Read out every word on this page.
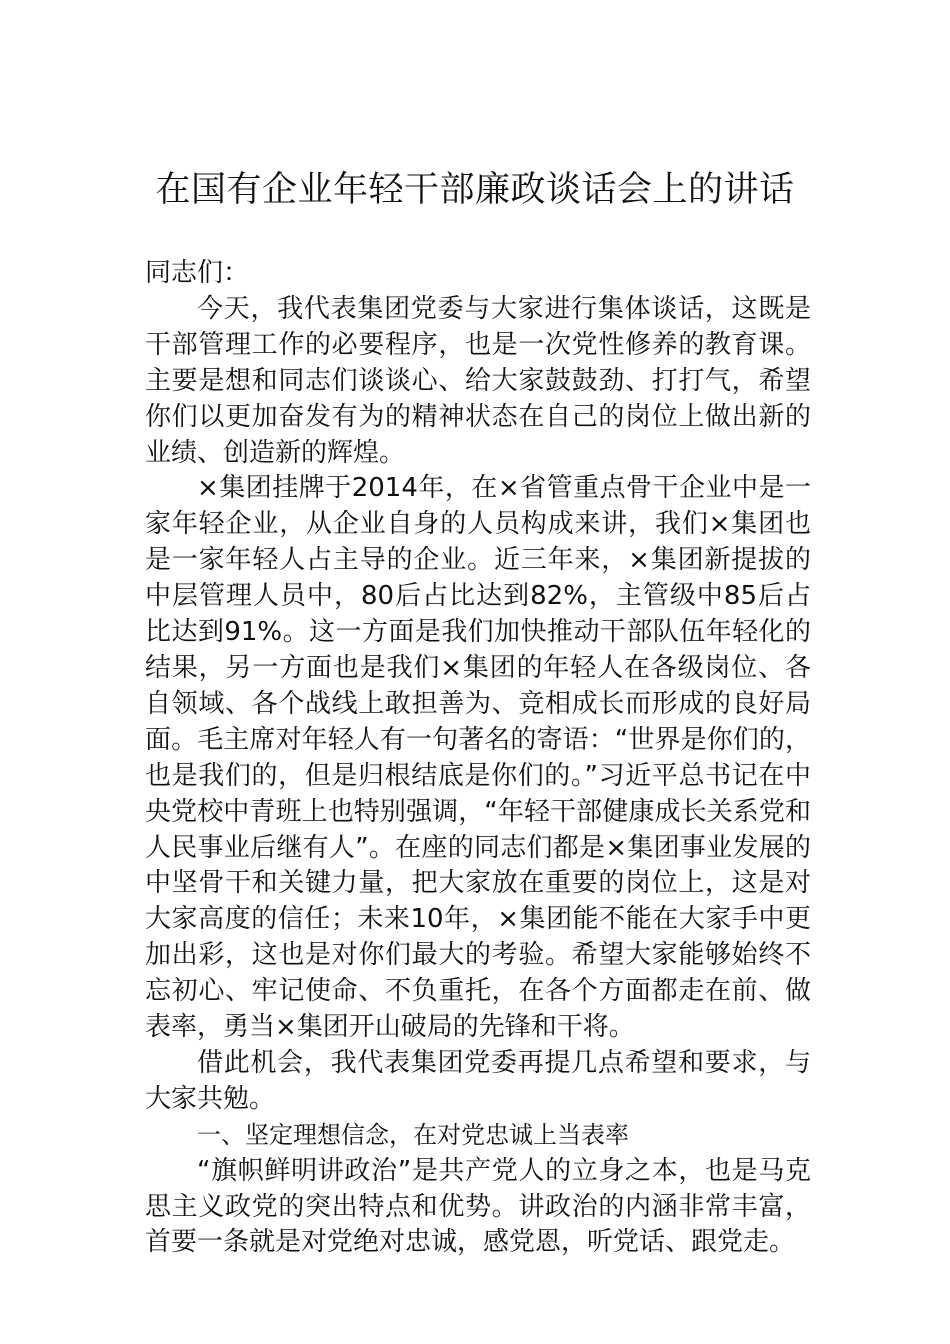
在国有企业年轻干部廉政谈话会上的讲话

同志们：

今天，我代表集团党委与大家进行集体谈话，这既是干部管理工作的必要程序，也是一次党性修养的教育课。主要是想和同志们谈谈心、给大家鼓鼓劲、打打气，希望你们以更加奋发有为的精神状态在自己的岗位上做出新的业绩、创造新的辉煌。

×集团挂牌于2014年，在×省管重点骨干企业中是一家年轻企业，从企业自身的人员构成来讲，我们×集团也是一家年轻人占主导的企业。近三年来，×集团新提拔的中层管理人员中，80后占比达到82%，主管级中85后占比达到91%。这一方面是我们加快推动干部队伍年轻化的结果，另一方面也是我们×集团的年轻人在各级岗位、各自领域、各个战线上敢担善为、竞相成长而形成的良好局面。毛主席对年轻人有一句著名的寄语：“世界是你们的，也是我们的，但是归根结底是你们的。”习近平总书记在中央党校中青班上也特别强调，“年轻干部健康成长关系党和人民事业后继有人”。在座的同志们都是×集团事业发展的中坚骨干和关键力量，把大家放在重要的岗位上，这是对大家高度的信任；未来10年，×集团能不能在大家手中更加出彩，这也是对你们最大的考验。希望大家能够始终不忘初心、牢记使命、不负重托，在各个方面都走在前、做表率，勇当×集团开山破局的先锋和干将。

借此机会，我代表集团党委再提几点希望和要求，与大家共勉。

一、坚定理想信念，在对党忠诚上当表率

“旗帜鲜明讲政治”是共产党人的立身之本，也是马克思主义政党的突出特点和优势。讲政治的内涵非常丰富，首要一条就是对党绝对忠诚，感党恩，听党话、跟党走。
